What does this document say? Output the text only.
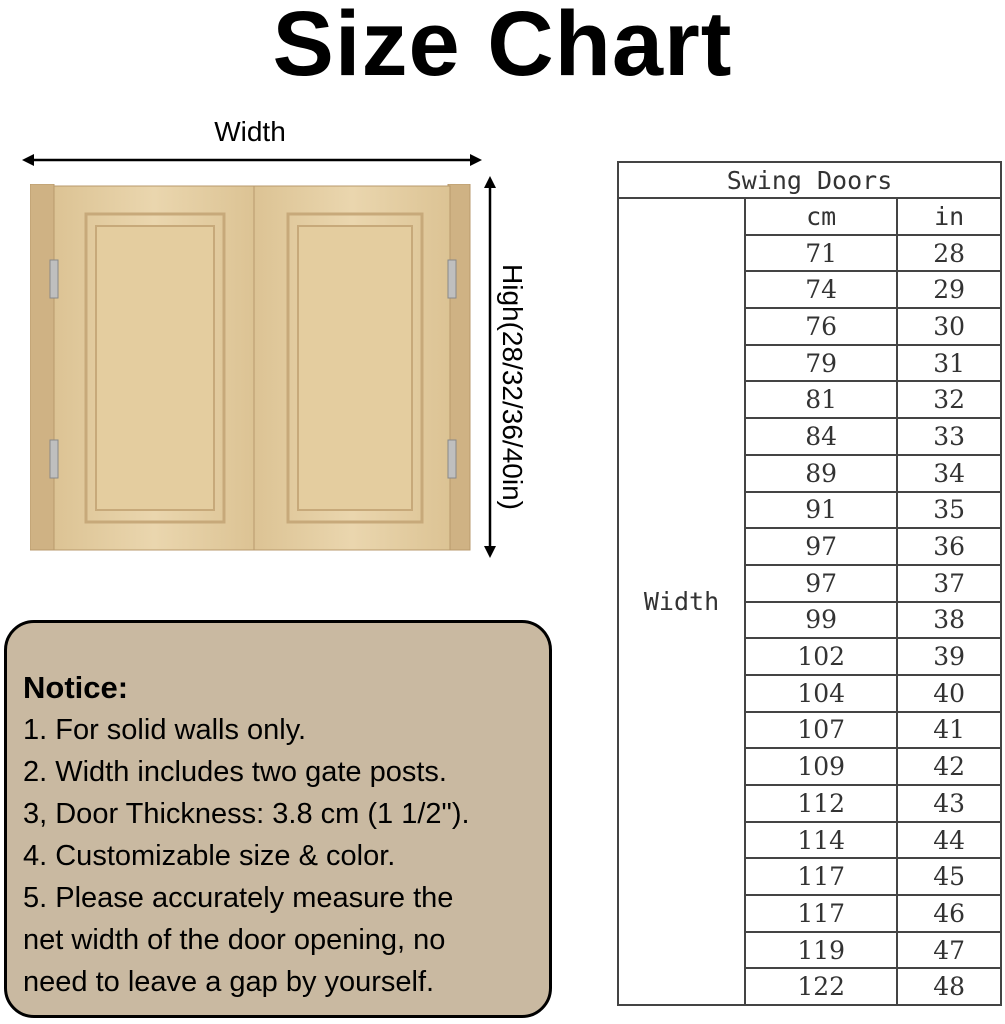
Size Chart
Width
High(28/32/36/40in)
Notice:
1. For solid walls only.
2. Width includes two gate posts.
3, Door Thickness: 3.8 cm (1 1/2").
4. Customizable size & color.
5. Please accurately measure the
net width of the door opening, no
need to leave a gap by yourself.
Swing Doors		
Width	cm	in
	71	28
	74	29
	76	30
	79	31
	81	32
	84	33
	89	34
	91	35
	97	36
	97	37
	99	38
	102	39
	104	40
	107	41
	109	42
	112	43
	114	44
	117	45
	117	46
	119	47
	122	48
